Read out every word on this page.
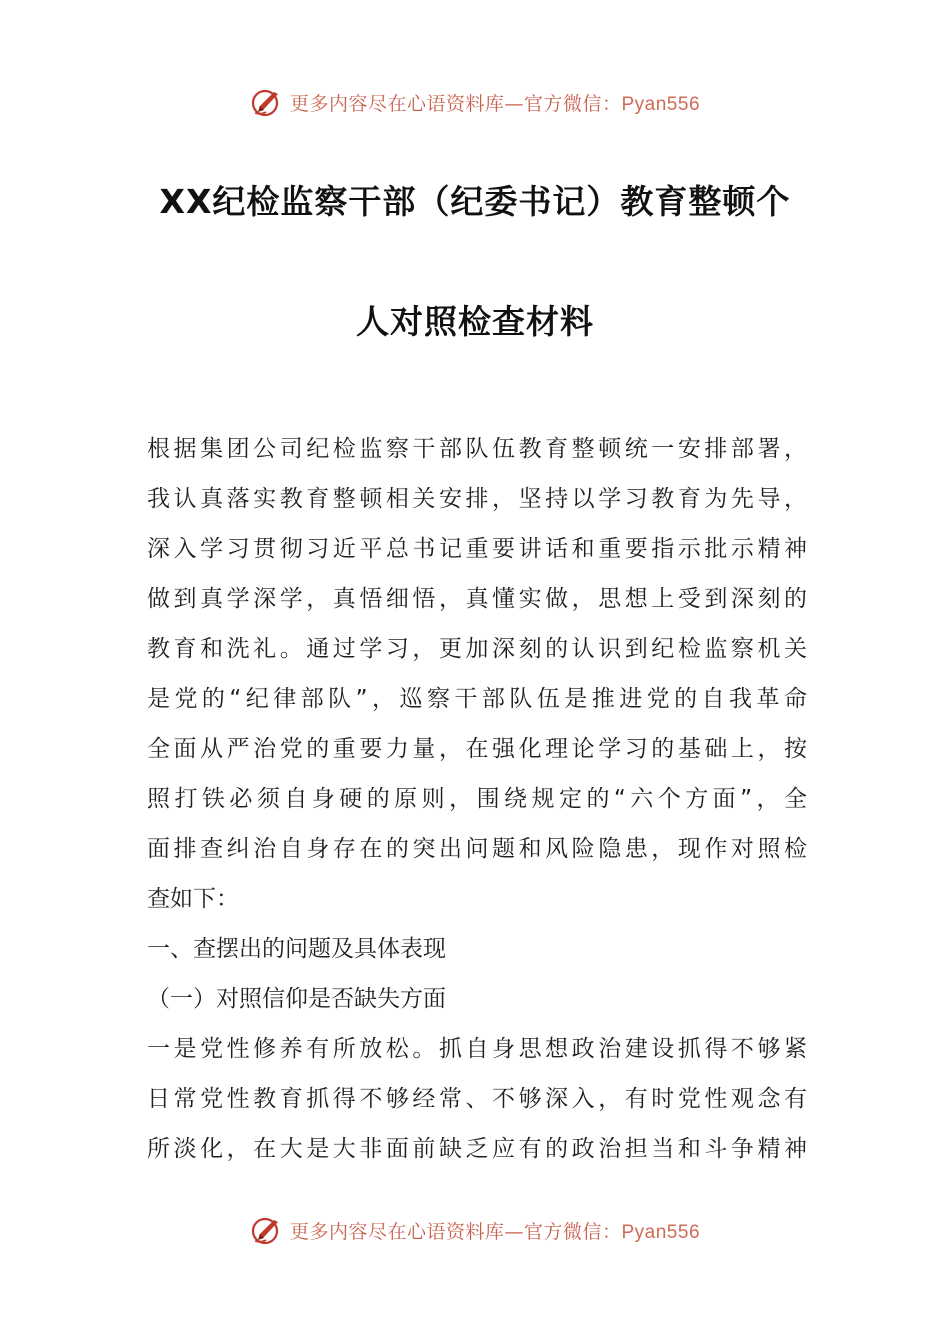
更多内容尽在心语资料库—官方微信：Pyan556
XX纪检监察干部（纪委书记）教育整顿个
人对照检查材料
根据集团公司纪检监察干部队伍教育整顿统一安排部署，
我认真落实教育整顿相关安排，坚持以学习教育为先导，
深入学习贯彻习近平总书记重要讲话和重要指示批示精神
做到真学深学，真悟细悟，真懂实做，思想上受到深刻的
教育和洗礼。通过学习，更加深刻的认识到纪检监察机关
是党的“纪律部队”，巡察干部队伍是推进党的自我革命
全面从严治党的重要力量，在强化理论学习的基础上，按
照打铁必须自身硬的原则，围绕规定的“六个方面”，全
面排查纠治自身存在的突出问题和风险隐患，现作对照检
查如下：
一、查摆出的问题及具体表现
（一）对照信仰是否缺失方面
一是党性修养有所放松。抓自身思想政治建设抓得不够紧
日常党性教育抓得不够经常、不够深入，有时党性观念有
所淡化，在大是大非面前缺乏应有的政治担当和斗争精神
更多内容尽在心语资料库—官方微信：Pyan556
